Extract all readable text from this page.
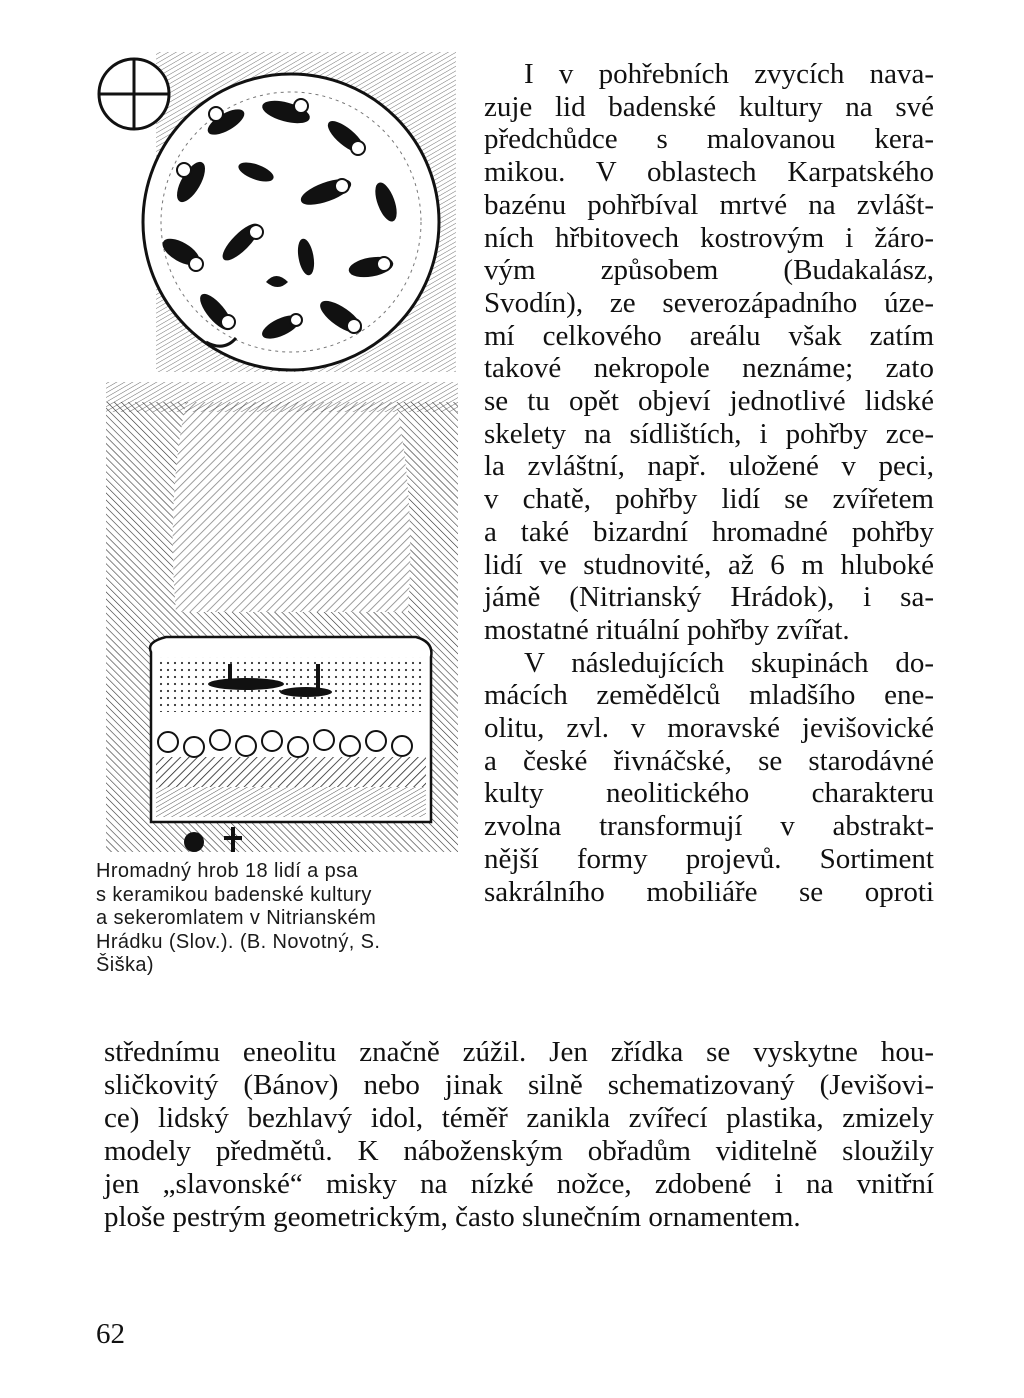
Hromadný hrob 18 lidí a psa
s keramikou badenské kultury
a sekeromlatem v Nitrianském
Hrádku (Slov.). (B. Novotný, S.
Šiška)
I v pohřebních zvycích nava-
zuje lid badenské kultury na své
předchůdce s malovanou kera-
mikou. V oblastech Karpatského
bazénu pohřbíval mrtvé na zvlášt-
ních hřbitovech kostrovým i žáro-
vým způsobem (Budakalász,
Svodín), ze severozápadního úze-
mí celkového areálu však zatím
takové nekropole neznáme; zato
se tu opět objeví jednotlivé lidské
skelety na sídlištích, i pohřby zce-
la zvláštní, např. uložené v peci,
v chatě, pohřby lidí se zvířetem
a také bizardní hromadné pohřby
lidí ve studnovité, až 6 m hluboké
jámě (Nitrianský Hrádok), i sa-
mostatné rituální pohřby zvířat.
V následujících skupinách do-
mácích zemědělců mladšího ene-
olitu, zvl. v moravské jevišovické
a české řivnáčské, se starodávné
kulty neolitického charakteru
zvolna transformují v abstrakt-
nější formy projevů. Sortiment
sakrálního mobiliáře se oproti
střednímu eneolitu značně zúžil. Jen zřídka se vyskytne hou-
sličkovitý (Bánov) nebo jinak silně schematizovaný (Jevišovi-
ce) lidský bezhlavý idol, téměř zanikla zvířecí plastika, zmizely
modely předmětů. K náboženským obřadům viditelně sloužily
jen „slavonské“ misky na nízké nožce, zdobené i na vnitřní
ploše pestrým geometrickým, často slunečním ornamentem.
62
